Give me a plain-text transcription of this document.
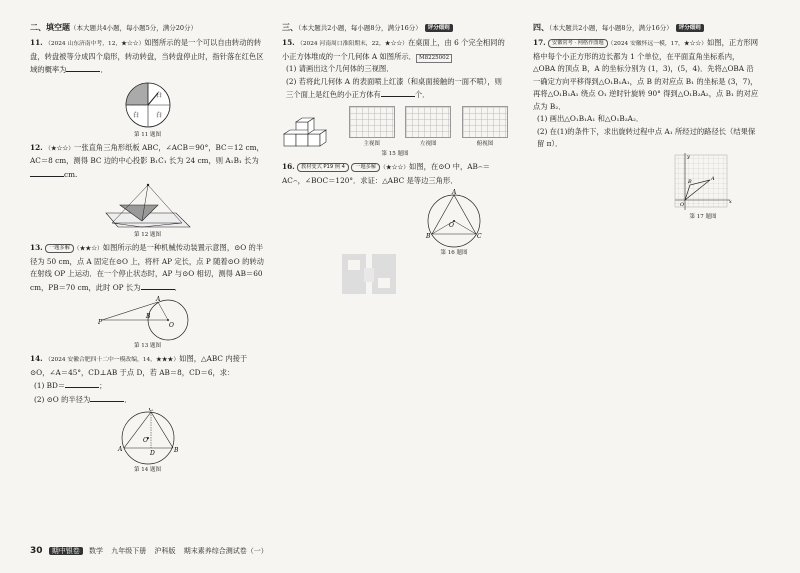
二、填空题（本大题共4小题，每小题5分，满分20分）

11. （2024 山东济南中考，12，★☆☆）如图所示的是一个可以自由转动的转盘，转盘被等分成四个扇形，转动转盘，当转盘停止时，指针落在红色区域的概率为	．

白
白	白
第 11 题图

12. （★☆☆）一张直角三角形纸板 ABC，∠ACB＝90°，BC＝12 cm，AC＝8 cm，测得 BC 边的中心投影 B₁C₁ 长为 24 cm，则 A₁B₁ 长为cm.

第 12 题图

13. 一题多解 （★★☆）如图所示的是一种机械传动装置示意图，⊙O 的半径为 50 cm，点 A 固定在⊙O 上，将杆 AP 定长，点 P 随着⊙O 的转动在射线 OP 上运动．在一个停止状态时，AP 与⊙O 相切，测得 AB＝60 cm，PB＝70 cm，此时 OP 长为	．

P
A
B
O
第 13 题图

14. （2024 安徽合肥四十二中一模改编，14，★★★）如图，△ABC 内接于⊙O，∠A＝45°，CD⊥AB 于点 D，若 AB＝8，CD＝6，求：

(1) BD＝	；

(2) ⊙O 的半径为	．

A	B
C
D
O
第 14 题图
三、（本大题共2小题，每小题8分，满分16分） 评分细则

15. （2024 河南周口淮阳期末，22，★☆☆）在桌面上，由 6 个完全相同的小正方体堆成的一个几何体 A 如图所示． M8225002

(1) 请画出这个几何体的三视图．

(2) 若将此几何体 A 的表面喷上红漆（和桌面接触的一面不喷），则三个面上是红色的小正方体有	个．

主视图	左视图	俯视图
第 15 题图

16. 教材变式 P19 例 4 一题多解 （★☆☆）如图，在⊙O 中，AB⌢＝AC⌢，∠BOC＝120°．求证：△ABC 是等边三角形．

A
B	C
O
第 16 题图
四、（本大题共2小题，每小题8分，满分16分） 评分细则

17. 安徽常考 · 网格作图题 （2024 安徽怀远一模，17，★☆☆）如图，正方形网格中每个小正方形的边长都为 1 个单位，在平面直角坐标系内，△OBA 的顶点 B，A 的坐标分别为 (1，3)，(5，4)．先将△OBA 沿一确定方向平移得到△O₁B₁A₁，点 B 的对应点 B₁ 的坐标是 (3，7)，再将△O₁B₁A₁ 绕点 O₁ 逆时针旋转 90° 得到△O₁B₂A₂，点 B₁ 的对应点为 B₂．

(1) 画出△O₁B₁A₁ 和△O₁B₂A₂．

(2) 在(1)的条件下，求出旋转过程中点 A₁ 所经过的路径长（结果保留 π）．

O
B	A
x
y
第 17 题图
30 期中银卷 数学 九年级下册 沪科版 期末素养综合测试卷（一）
